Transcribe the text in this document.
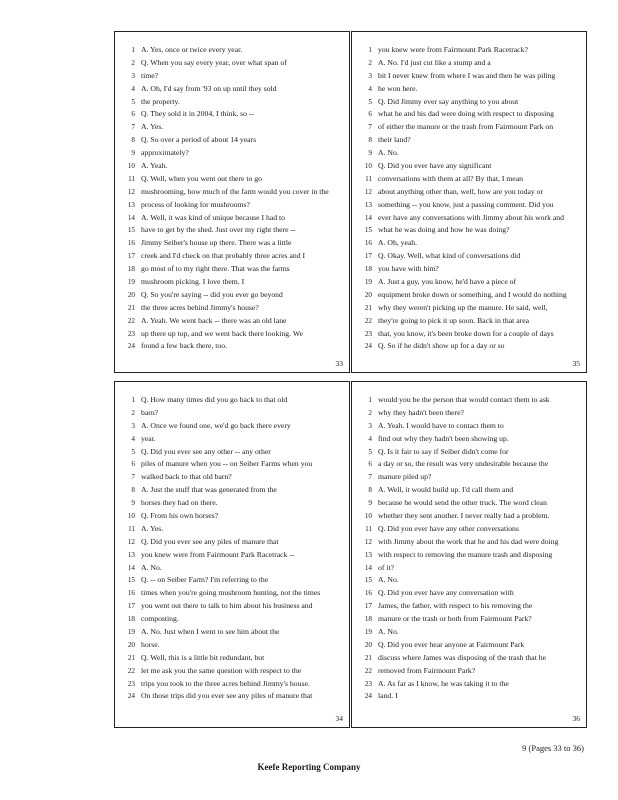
1 A. Yes, once or twice every year.
2 Q. When you say every year, over what span of
3 time?
4 A. Oh, I'd say from '93 on up until they sold
5 the property.
6 Q. They sold it in 2004, I think, so --
7 A. Yes.
8 Q. So over a period of about 14 years
9 approximately?
10 A. Yeah.
11 Q. Well, when you went out there to go
12 mushrooming, how much of the farm would you cover in the
13 process of looking for mushrooms?
14 A. Well, it was kind of unique because I had to
15 have to get by the shed. Just over my right there --
16 Jimmy Seiber's house up there. There was a little
17 creek and I'd check on that probably three acres and I
18 go most of to my right there. That was the farms
19 mushroom picking. I love them. I
20 Q. So you're saying -- did you ever go beyond
21 the three acres behind Jimmy's house?
22 A. Yeah. We went back -- there was an old lane
23 up there up top, and we went back there looking. We
24 found a few back there, too.
33
1 you knew were from Fairmount Park Racetrack?
2 A. No. I'd just cut like a stump and a
3 bit I never knew from where I was and then he was piling
4 he won here.
5 Q. Did Jimmy ever say anything to you about
6 what he and his dad were doing with respect to disposing
7 of either the manure or the trash from Fairmount Park on
8 their land?
9 A. No.
10 Q. Did you ever have any significant
11 conversations with them at all? By that, I mean
12 about anything other than, well, how are you today or
13 something -- you know, just a passing comment. Did you
14 ever have any conversations with Jimmy about his work and
15 what he was doing and how he was doing?
16 A. Oh, yeah.
17 Q. Okay. Well, what kind of conversations did
18 you have with him?
19 A. Just a guy, you know, he'd have a piece of
20 equipment broke down or something, and I would do nothing
21 why they weren't picking up the manure. He said, well,
22 they're going to pick it up soon. Back in that area
23 that, you know, it's been broke down for a couple of days
24 Q. So if he didn't show up for a day or so
35
1 Q. How many times did you go back to that old
2 barn?
3 A. Once we found one, we'd go back there every
4 year.
5 Q. Did you ever see any other -- any other
6 piles of manure when you -- on Seiber Farms when you
7 walked back to that old barn?
8 A. Just the stuff that was generated from the
9 horses they had on there.
10 Q. From his own horses?
11 A. Yes.
12 Q. Did you ever see any piles of manure that
13 you knew were from Fairmount Park Racetrack --
14 A. No.
15 Q. -- on Seiber Farm? I'm referring to the
16 times when you're going mushroom hunting, not the times
17 you went out there to talk to him about his business and
18 composting.
19 A. No. Just when I went to see him about the
20 horse.
21 Q. Well, this is a little bit redundant, but
22 let me ask you the same question with respect to the
23 trips you took to the three acres behind Jimmy's house.
24 On those trips did you ever see any piles of manure that
34
1 would you be the person that would contact them to ask
2 why they hadn't been there?
3 A. Yeah. I would have to contact them to
4 find out why they hadn't been showing up.
5 Q. Is it fair to say if Seiber didn't come for
6 a day or so, the result was very undesirable because the
7 manure piled up?
8 A. Well, it would build up. I'd call them and
9 because he would send the other truck. The word clean
10 whether they sent another. I never really had a problem.
11 Q. Did you ever have any other conversations
12 with Jimmy about the work that he and his dad were doing
13 with respect to removing the manure trash and disposing
14 of it?
15 A. No.
16 Q. Did you ever have any conversation with
17 James, the father, with respect to his removing the
18 manure or the trash or both from Fairmount Park?
19 A. No.
20 Q. Did you ever hear anyone at Fairmount Park
21 discuss where James was disposing of the trash that he
22 removed from Fairmount Park?
23 A. As far as I know, he was taking it to the
24 land. I
36
9 (Pages 33 to 36)
Keefe Reporting Company
